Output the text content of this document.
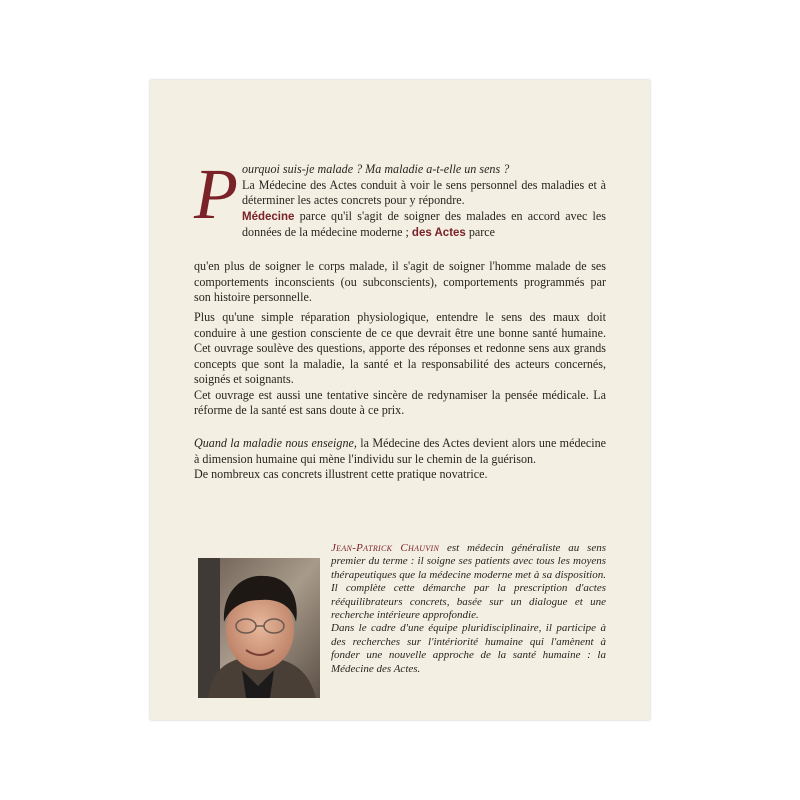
P ourquoi suis-je malade ? Ma maladie a-t-elle un sens ?

La Médecine des Actes conduit à voir le sens personnel des maladies et à déterminer les actes concrets pour y répondre.

Médecine parce qu'il s'agit de soigner des malades en accord avec les données de la médecine moderne ; des Actes parce

qu'en plus de soigner le corps malade, il s'agit de soigner l'homme malade de ses comportements inconscients (ou subconscients), comportements programmés par son histoire personnelle.

Plus qu'une simple réparation physiologique, entendre le sens des maux doit conduire à une gestion consciente de ce que devrait être une bonne santé humaine. Cet ouvrage soulève des questions, apporte des réponses et redonne sens aux grands concepts que sont la maladie, la santé et la responsabilité des acteurs concernés, soignés et soignants.

Cet ouvrage est aussi une tentative sincère de redynamiser la pensée médicale. La réforme de la santé est sans doute à ce prix.

Quand la maladie nous enseigne, la Médecine des Actes devient alors une médecine à dimension humaine qui mène l'individu sur le chemin de la guérison.

De nombreux cas concrets illustrent cette pratique novatrice.

Jean-Patrick Chauvin est médecin généraliste au sens premier du terme : il soigne ses patients avec tous les moyens thérapeutiques que la médecine moderne met à sa disposition. Il complète cette démarche par la prescription d'actes rééquilibrateurs concrets, basée sur un dialogue et une recherche intérieure approfondie.

Dans le cadre d'une équipe pluridisciplinaire, il participe à des recherches sur l'intériorité humaine qui l'amènent à fonder une nouvelle approche de la santé humaine : la Médecine des Actes.
